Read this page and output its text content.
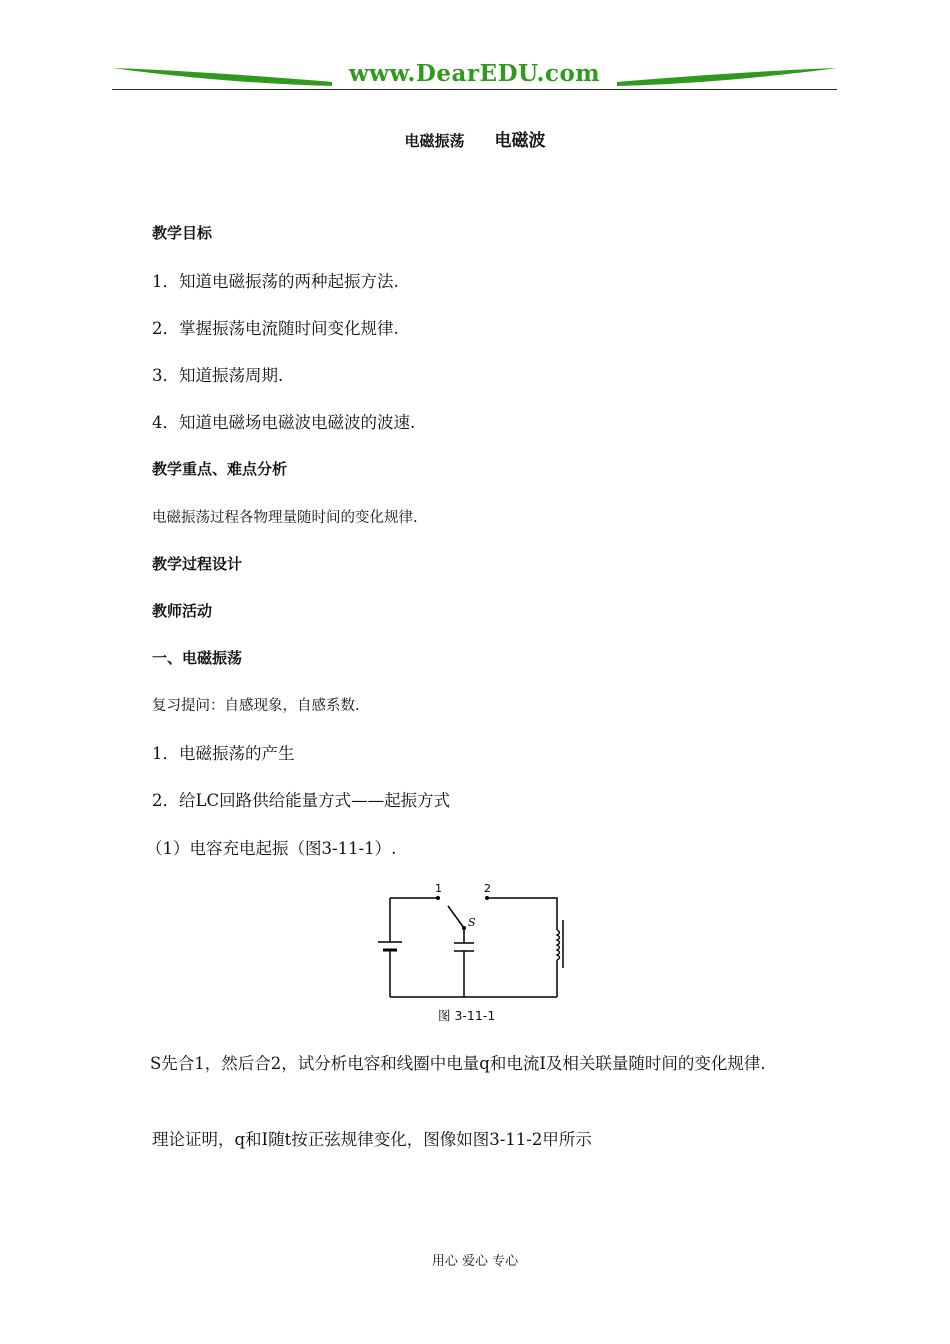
www.DearEDU.com
电磁振荡 电磁波
教学目标
1．知道电磁振荡的两种起振方法.
2．掌握振荡电流随时间变化规律.
3．知道振荡周期.
4．知道电磁场电磁波电磁波的波速.
教学重点、难点分析
电磁振荡过程各物理量随时间的变化规律.
教学过程设计
教师活动
一、电磁振荡
复习提问：自感现象，自感系数.
1．电磁振荡的产生
2．给LC回路供给能量方式——起振方式
（1）电容充电起振（图3-11-1）.
1	2
S
图 3-11-1
S先合1，然后合2，试分析电容和线圈中电量q和电流I及相关联量随时间的变化规律.
理论证明，q和I随t按正弦规律变化，图像如图3-11-2甲所示
用心 爱心 专心
